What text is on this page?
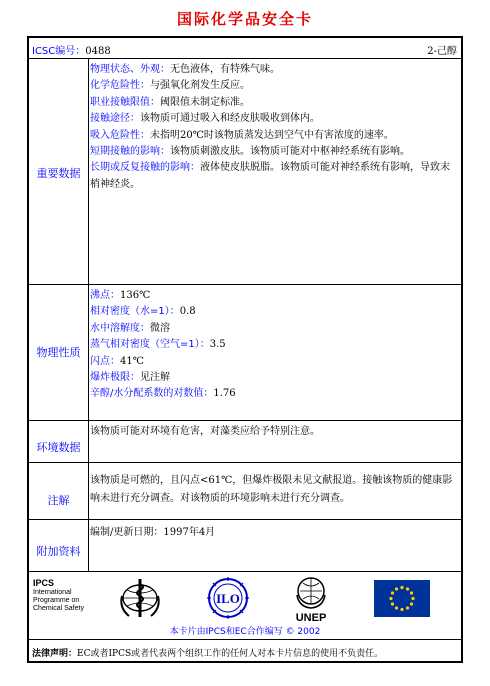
国际化学品安全卡
ICSC编号：0488	2-己醇
重要数据
物理状态、外观：无色液体，有特殊气味。
化学危险性：与强氧化剂发生反应。
职业接触限值：阈限值未制定标准。
接触途径：该物质可通过吸入和经皮肤吸收到体内。
吸入危险性：未指明20℃时该物质蒸发达到空气中有害浓度的速率。
短期接触的影响：该物质刺激皮肤。该物质可能对中枢神经系统有影响。
长期或反复接触的影响：液体使皮肤脱脂。该物质可能对神经系统有影响，导致末梢神经炎。
物理性质
沸点：136℃
相对密度（水=1）：0.8
水中溶解度：微溶
蒸气相对密度（空气=1）：3.5
闪点：41℃
爆炸极限：见注解
辛醇/水分配系数的对数值：1.76
环境数据
该物质可能对环境有危害，对藻类应给予特别注意。
注解
该物质是可燃的，且闪点<61℃，但爆炸极限未见文献报道。接触该物质的健康影响未进行充分调查。对该物质的环境影响未进行充分调查。
附加资料
编制/更新日期：1997年4月
IPCS
International
Programme on
Chemical Safety
ILO
UNEP
本卡片由IPCS和EC合作编写 © 2002
法律声明：EC或者IPCS或者代表两个组织工作的任何人对本卡片信息的使用不负责任。
